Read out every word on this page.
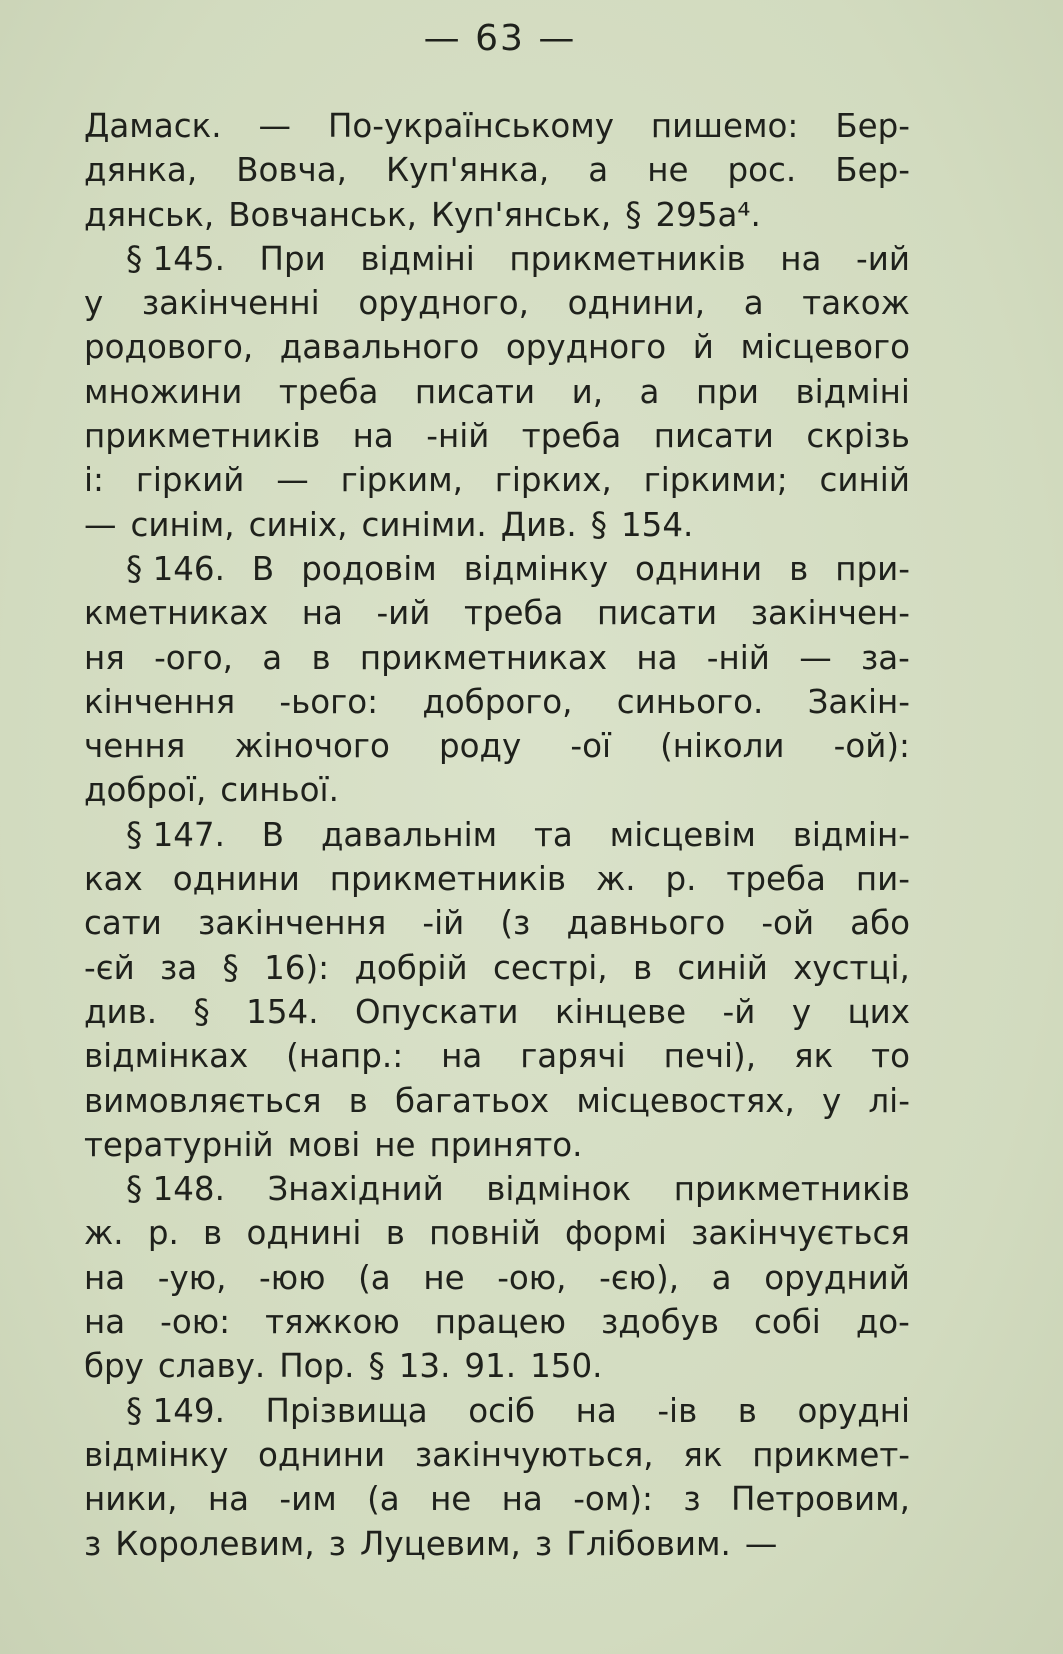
— 63 —
Дамаск. — По-українському пишемо: Бер-
дянка, Вовча, Куп'янка, а не рос. Бер-
дянськ, Вовчанськ, Куп'янськ, § 295а⁴.
§ 145. При відміні прикметників на -ий
у закінченні орудного, однини, а також
родового, давального орудного й місцевого
множини треба писати и, а при відміні
прикметників на -ній треба писати скрізь
і: гіркий — гірким, гірких, гіркими; синій
— синім, синіх, синіми. Див. § 154.
§ 146. В родовім відмінку однини в при-
кметниках на -ий треба писати закінчен-
ня -ого, а в прикметниках на -ній — за-
кінчення -ього: доброго, синього. Закін-
чення жіночого роду -ої (ніколи -ой):
доброї, синьої.
§ 147. В давальнім та місцевім відмін-
ках однини прикметників ж. р. треба пи-
сати закінчення -ій (з давнього -ой або
-єй за § 16): добрій сестрі, в синій хустці,
див. § 154. Опускати кінцеве -й у цих
відмінках (напр.: на гарячі печі), як то
вимовляється в багатьох місцевостях, у лі-
тературній мові не принято.
§ 148. Знахідний відмінок прикметників
ж. р. в однині в повній формі закінчується
на -ую, -юю (а не -ою, -єю), а орудний
на -ою: тяжкою працею здобув собі до-
бру славу. Пор. § 13. 91. 150.
§ 149. Прізвища осіб на -ів в орудні
відмінку однини закінчуються, як прикмет-
ники, на -им (а не на -ом): з Петровим,
з Королевим, з Луцевим, з Глібовим. —
